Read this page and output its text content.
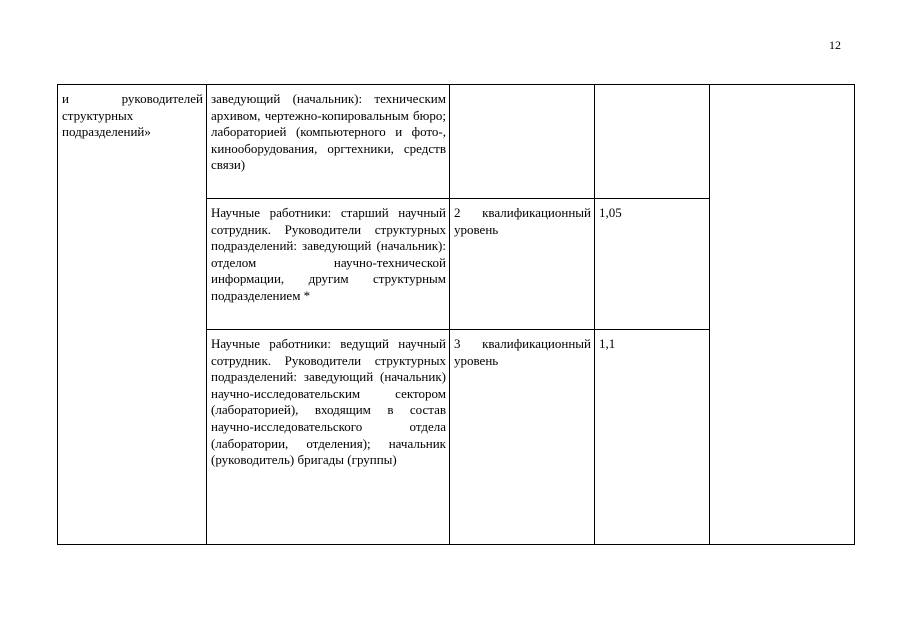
12
и руководителей структурных подразделений»	заведующий (начальник): техническим архивом, чертежно-копировальным бюро; лабораторией (компьютерного и фото-, кинооборудования, оргтехники, средств связи)			
	Научные работники: старший научный сотрудник. Руководители структурных подразделений: заведующий (начальник): отделом научно-технической информации, другим структурным подразделением *	2 квалификационный уровень	1,05	
	Научные работники: ведущий научный сотрудник. Руководители структурных подразделений: заведующий (начальник) научно-исследовательским сектором (лабораторией), входящим в состав научно-исследовательского отдела (лаборатории, отделения); начальник (руководитель) бригады (группы)	3 квалификационный уровень	1,1	
